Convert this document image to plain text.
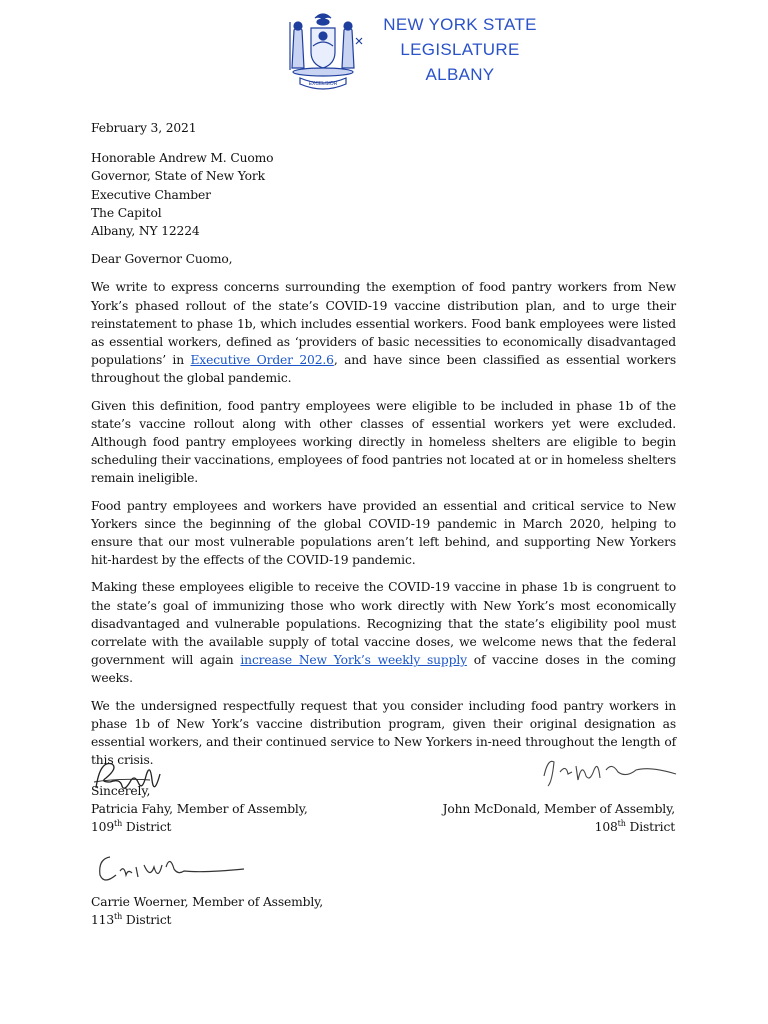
EXCELSIOR
NEW YORK STATE
LEGISLATURE
ALBANY
February 3, 2021
Honorable Andrew M. Cuomo
Governor, State of New York
Executive Chamber
The Capitol
Albany, NY 12224
Dear Governor Cuomo,

We write to express concerns surrounding the exemption of food pantry workers from New York’s phased rollout of the state’s COVID-19 vaccine distribution plan, and to urge their reinstatement to phase 1b, which includes essential workers. Food bank employees were listed as essential workers, defined as ‘providers of basic necessities to economically disadvantaged populations’ in Executive Order 202.6, and have since been classified as essential workers throughout the global pandemic.

Given this definition, food pantry employees were eligible to be included in phase 1b of the state’s vaccine rollout along with other classes of essential workers yet were excluded. Although food pantry employees working directly in homeless shelters are eligible to begin scheduling their vaccinations, employees of food pantries not located at or in homeless shelters remain ineligible.

Food pantry employees and workers have provided an essential and critical service to New Yorkers since the beginning of the global COVID-19 pandemic in March 2020, helping to ensure that our most vulnerable populations aren’t left behind, and supporting New Yorkers hit-hardest by the effects of the COVID-19 pandemic.

Making these employees eligible to receive the COVID-19 vaccine in phase 1b is congruent to the state’s goal of immunizing those who work directly with New York’s most economically disadvantaged and vulnerable populations. Recognizing that the state’s eligibility pool must correlate with the available supply of total vaccine doses, we welcome news that the federal government will again increase New York’s weekly supply of vaccine doses in the coming weeks.

We the undersigned respectfully request that you consider including food pantry workers in phase 1b of New York’s vaccine distribution program, given their original designation as essential workers, and their continued service to New Yorkers in-need throughout the length of this crisis.

Sincerely,
Patricia Fahy, Member of Assembly,
109th District
John McDonald, Member of Assembly,
108th District
Carrie Woerner, Member of Assembly,
113th District
